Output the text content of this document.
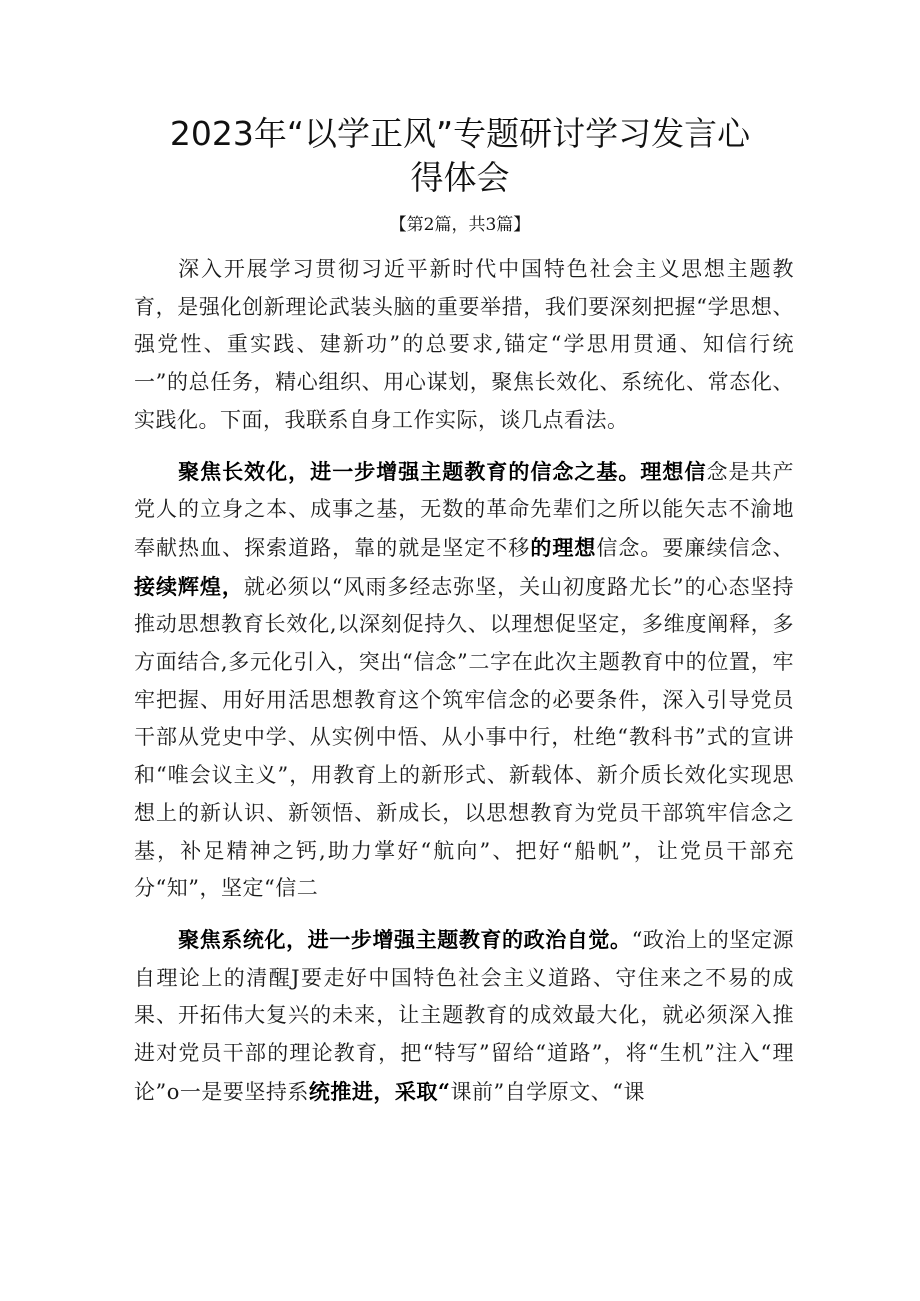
2023年“以学正风”专题研讨学习发言心
得体会
【第2篇，共3篇】

深入开展学习贯彻习近平新时代中国特色社会主义思想主题教育，是强化创新理论武装头脑的重要举措，我们要深刻把握“学思想、强党性、重实践、建新功”的总要求,锚定“学思用贯通、知信行统一”的总任务，精心组织、用心谋划，聚焦长效化、系统化、常态化、实践化。下面，我联系自身工作实际，谈几点看法。

聚焦长效化，进一步增强主题教育的信念之基。理想信念是共产党人的立身之本、成事之基，无数的革命先辈们之所以能矢志不渝地奉献热血、探索道路，靠的就是坚定不移的理想信念。要廉续信念、接续辉煌，就必须以“风雨多经志弥坚，关山初度路尤长”的心态坚持推动思想教育长效化,以深刻促持久、以理想促坚定，多维度阐释，多方面结合,多元化引入，突出“信念”二字在此次主题教育中的位置，牢牢把握、用好用活思想教育这个筑牢信念的必要条件，深入引导党员干部从党史中学、从实例中悟、从小事中行，杜绝“教科书”式的宣讲和“唯会议主义”，用教育上的新形式、新载体、新介质长效化实现思想上的新认识、新领悟、新成长，以思想教育为党员干部筑牢信念之基，补足精神之钙,助力掌好“航向”、把好“船帆”，让党员干部充分“知”，坚定“信二

聚焦系统化，进一步增强主题教育的政治自觉。“政治上的坚定源自理论上的清醒J要走好中国特色社会主义道路、守住来之不易的成果、开拓伟大复兴的未来，让主题教育的成效最大化，就必须深入推进对党员干部的理论教育，把“特写”留给“道路”，将“生机”注入“理论”o一是要坚持系统推进，采取“课前”自学原文、“课
